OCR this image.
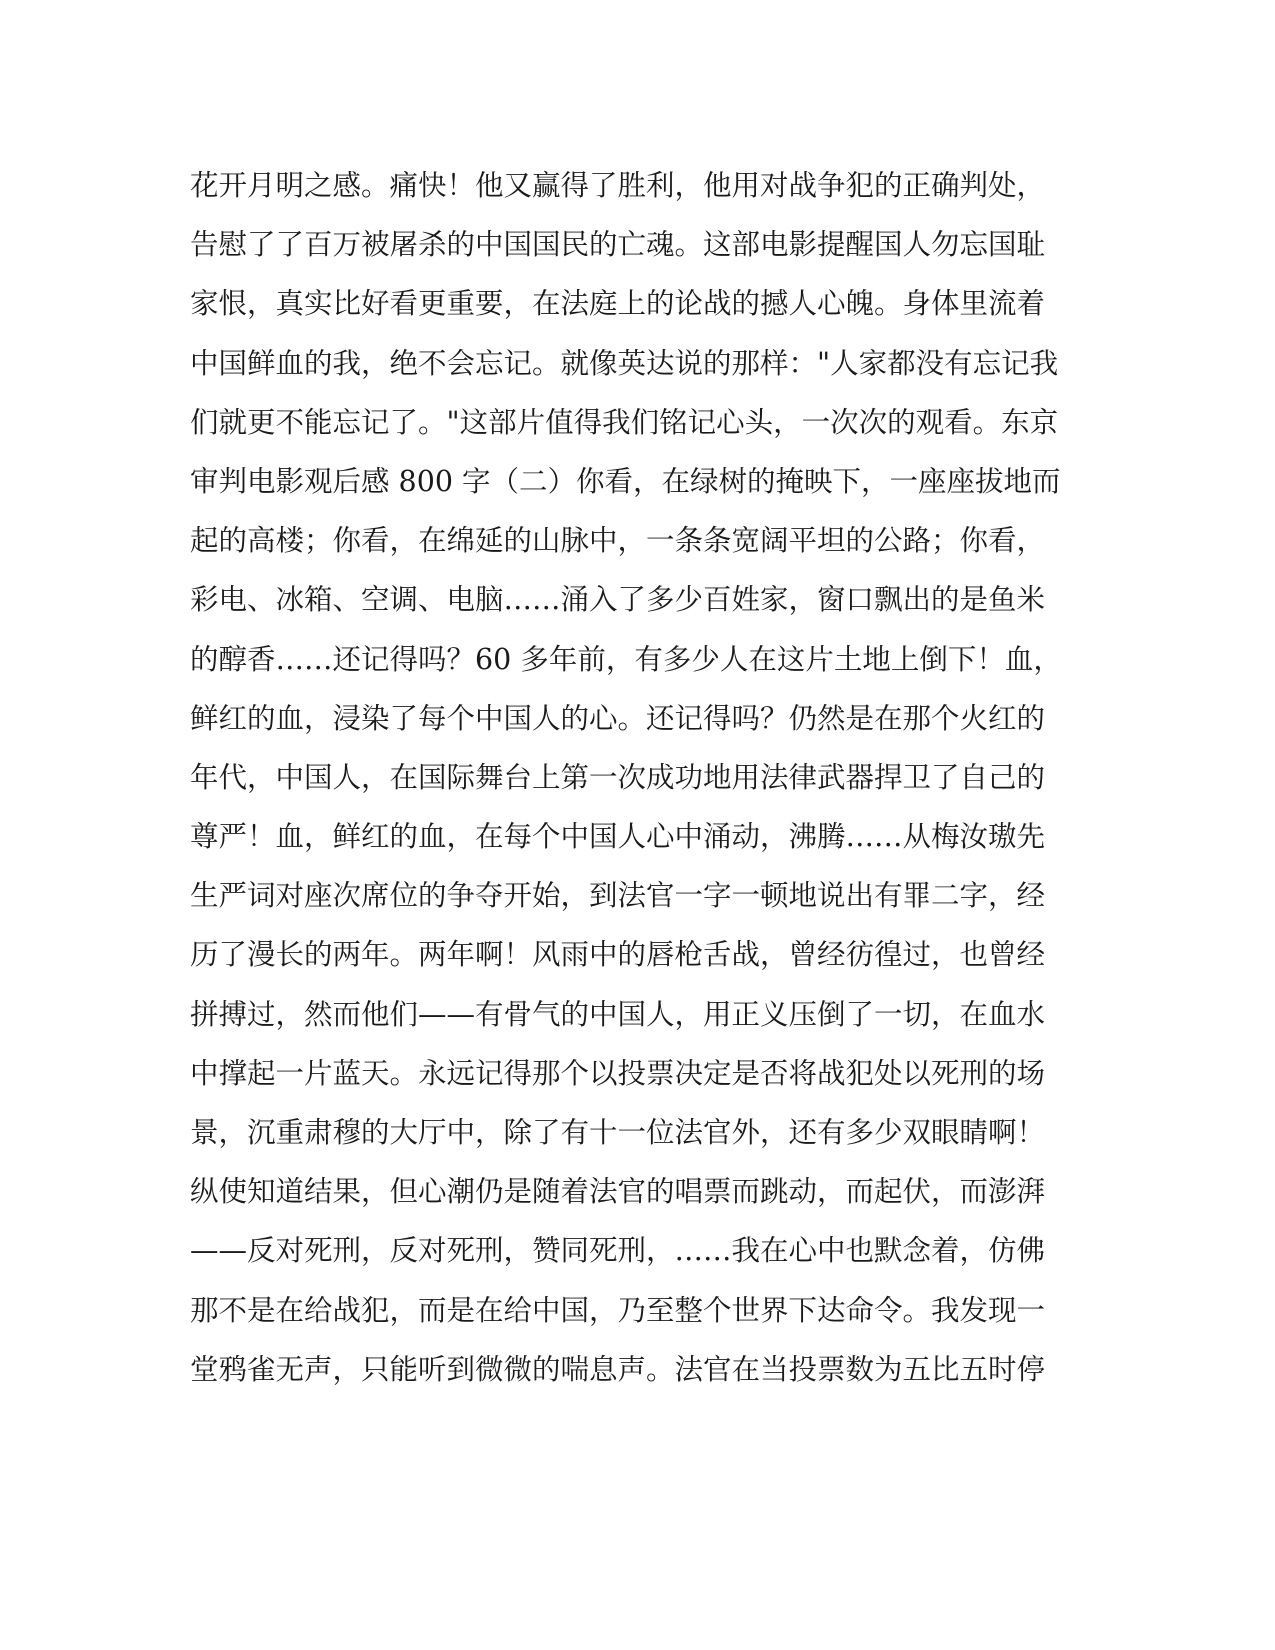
花开月明之感。痛快！他又赢得了胜利，他用对战争犯的正确判处，
告慰了了百万被屠杀的中国国民的亡魂。这部电影提醒国人勿忘国耻
家恨，真实比好看更重要，在法庭上的论战的撼人心魄。身体里流着
中国鲜血的我，绝不会忘记。就像英达说的那样："人家都没有忘记我
们就更不能忘记了。"这部片值得我们铭记心头，一次次的观看。东京
审判电影观后感 800 字（二）你看，在绿树的掩映下，一座座拔地而
起的高楼；你看，在绵延的山脉中，一条条宽阔平坦的公路；你看，
彩电、冰箱、空调、电脑……涌入了多少百姓家，窗口飘出的是鱼米
的醇香……还记得吗？60 多年前，有多少人在这片土地上倒下！血，
鲜红的血，浸染了每个中国人的心。还记得吗？仍然是在那个火红的
年代，中国人，在国际舞台上第一次成功地用法律武器捍卫了自己的
尊严！血，鲜红的血，在每个中国人心中涌动，沸腾……从梅汝璈先
生严词对座次席位的争夺开始，到法官一字一顿地说出有罪二字，经
历了漫长的两年。两年啊！风雨中的唇枪舌战，曾经彷徨过，也曾经
拼搏过，然而他们——有骨气的中国人，用正义压倒了一切，在血水
中撑起一片蓝天。永远记得那个以投票决定是否将战犯处以死刑的场
景，沉重肃穆的大厅中，除了有十一位法官外，还有多少双眼睛啊！
纵使知道结果，但心潮仍是随着法官的唱票而跳动，而起伏，而澎湃
——反对死刑，反对死刑，赞同死刑，……我在心中也默念着，仿佛
那不是在给战犯，而是在给中国，乃至整个世界下达命令。我发现一
堂鸦雀无声，只能听到微微的喘息声。法官在当投票数为五比五时停
